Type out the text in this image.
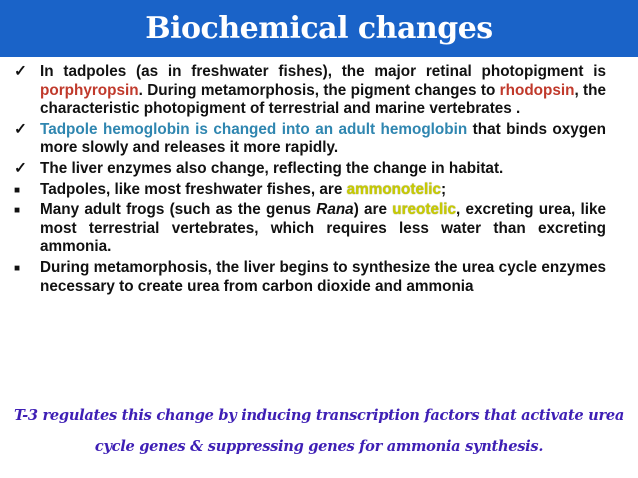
Biochemical changes
✓ In tadpoles (as in freshwater fishes), the major retinal photopigment is porphyropsin. During metamorphosis, the pigment changes to rhodopsin, the characteristic photopigment of terrestrial and marine vertebrates .
✓ Tadpole hemoglobin is changed into an adult hemoglobin that binds oxygen more slowly and releases it more rapidly.
✓ The liver enzymes also change, reflecting the change in habitat.
■	Tadpoles, like most freshwater fishes, are ammonotelic;
■	Many adult frogs (such as the genus Rana) are ureotelic, excreting urea, like most terrestrial vertebrates, which requires less water than excreting ammonia.
■	During metamorphosis, the liver begins to synthesize the urea cycle enzymes necessary to create urea from carbon dioxide and ammonia
T-3 regulates this change by inducing transcription factors that activate urea
cycle genes & suppressing genes for ammonia synthesis.
